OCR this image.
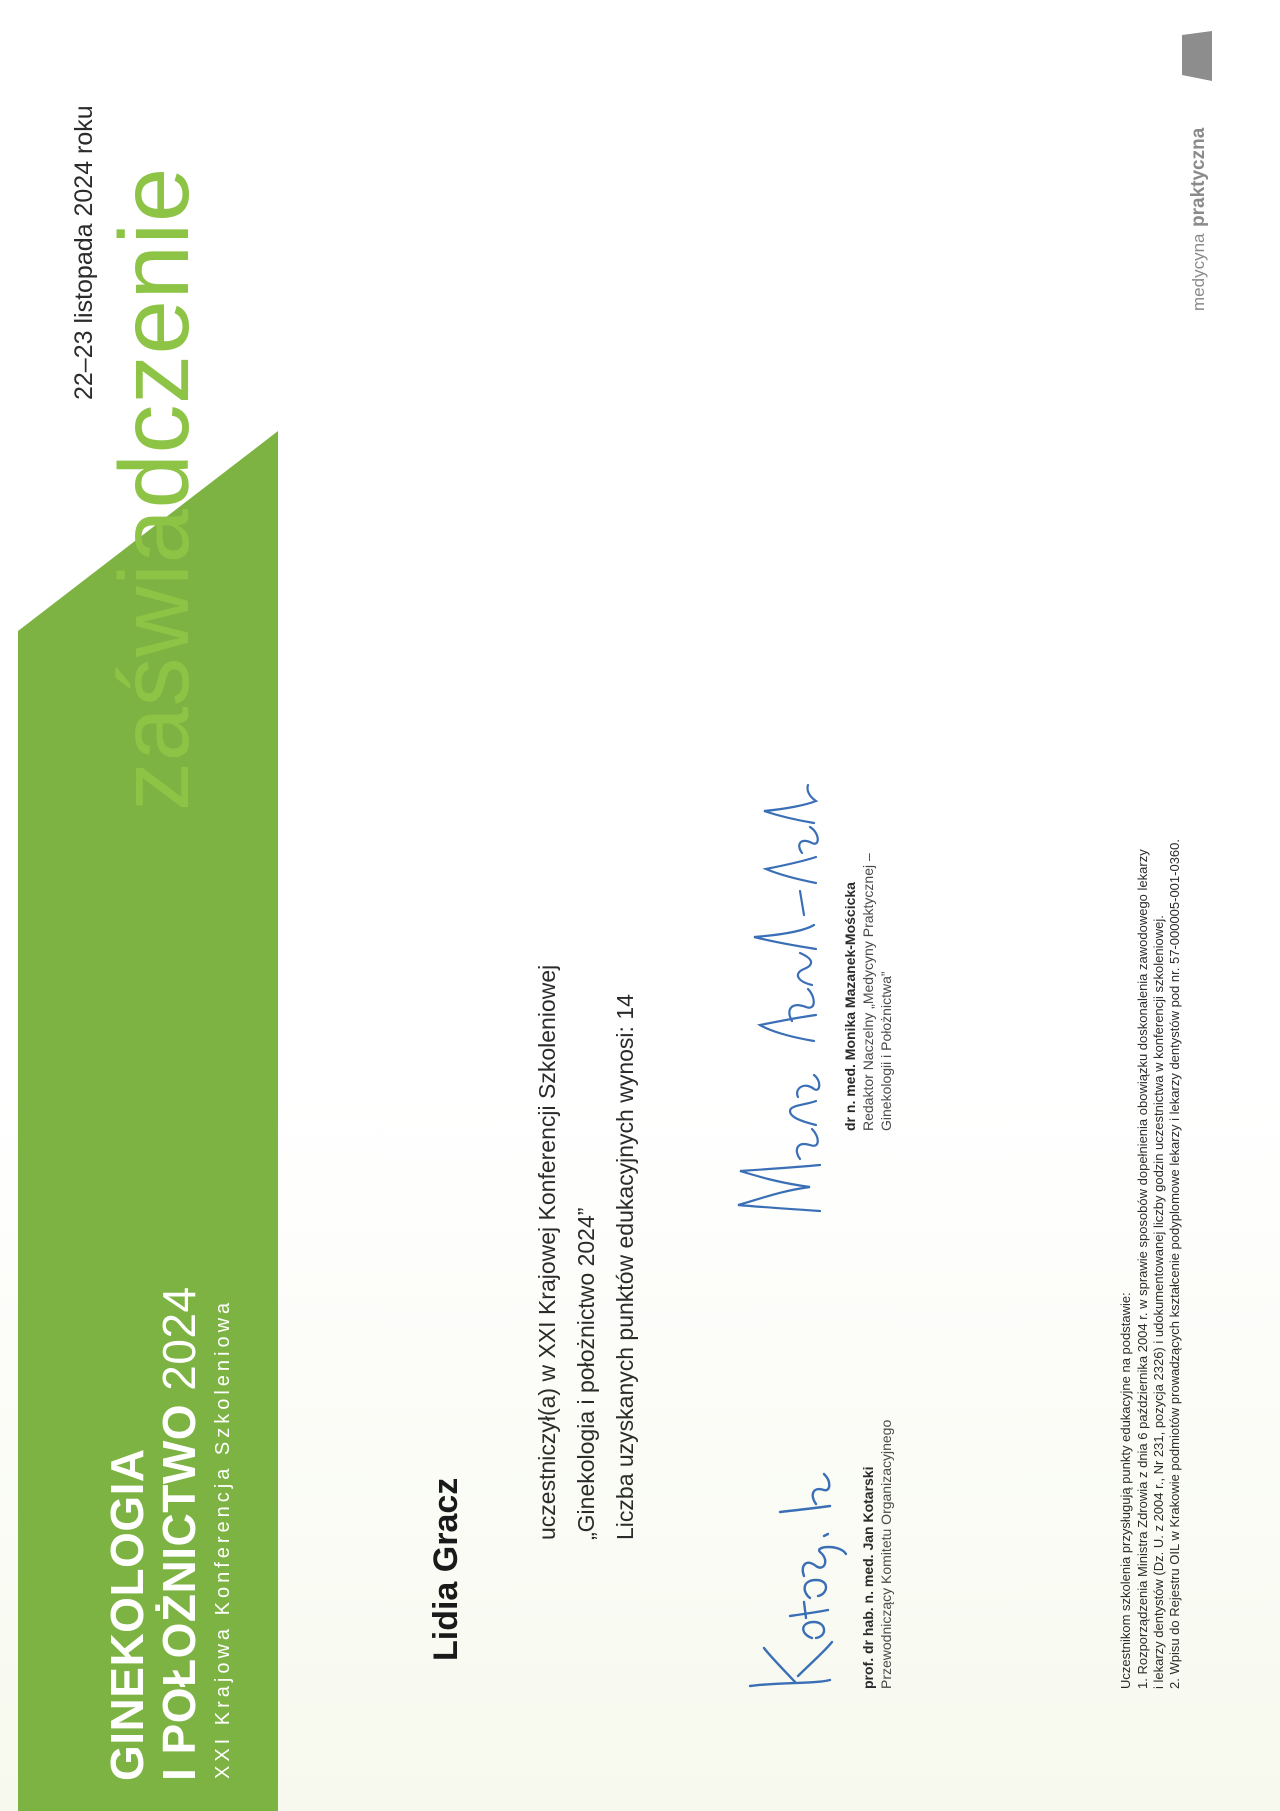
GINEKOLOGIA I POŁOŻNICTWO 2024 XXI Krajowa Konferencja Szkoleniowa
zaświadczenie
22–23 listopada 2024 roku
Lidia Gracz
uczestniczył(a) w XXI Krajowej Konferencji Szkoleniowej „Ginekologia i położnictwo 2024” Liczba uzyskanych punktów edukacyjnych wynosi: 14
prof. dr hab. n. med. Jan Kotarski Przewodniczący Komitetu Organizacyjnego
dr n. med. Monika Mazanek-Mościcka Redaktor Naczelny „Medycyny Praktycznej – Ginekologii i Położnictwa”
Uczestnikom szkolenia przysługują punkty edukacyjne na podstawie: 1. Rozporządzenia Ministra Zdrowia z dnia 6 października 2004 r. w sprawie sposobów dopełnienia obowiązku doskonalenia zawodowego lekarzy i lekarzy dentystów (Dz. U. z 2004 r., Nr 231, pozycja 2326) i udokumentowanej liczby godzin uczestnictwa w konferencji szkoleniowej. 2. Wpisu do Rejestru OIL w Krakowie podmiotów prowadzących kształcenie podyplomowe lekarzy i lekarzy dentystów pod nr. 57-000005-001-0360.
medycyna
praktyczna
